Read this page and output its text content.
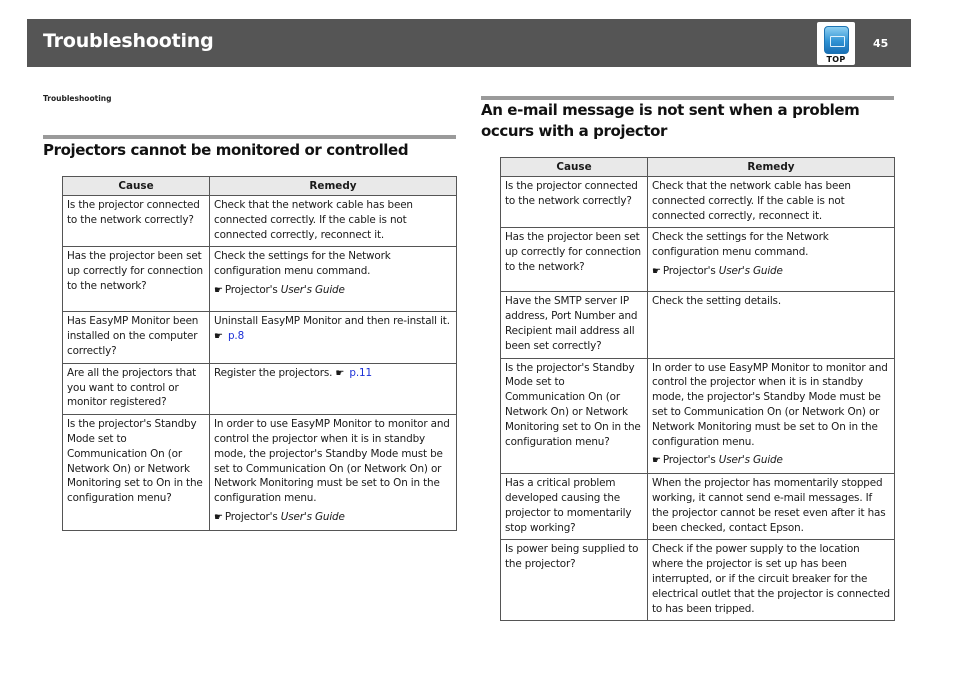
Troubleshooting
TOP
45
Troubleshooting
Projectors cannot be monitored or controlled
Cause	Remedy
Is the projector connected to the network correctly?	Check that the network cable has been connected correctly. If the cable is not connected correctly, reconnect it.

Has the projector been set up correctly for connection to the network?	Check the settings for the Network configuration menu command.

☛ Projector's User's Guide

Has EasyMP Monitor been installed on the computer correctly?	Uninstall EasyMP Monitor and then re-install it.

☛ p.8

Are all the projectors that you want to control or monitor registered?	Register the projectors. ☛ p.11

Is the projector's Standby Mode set to Communication On (or Network On) or Network Monitoring set to On in the configuration menu?	In order to use EasyMP Monitor to monitor and control the projector when it is in standby mode, the projector's Standby Mode must be set to Communication On (or Network On) or Network Monitoring must be set to On in the configuration menu.

☛ Projector's User's Guide

An e-mail message is not sent when a problem occurs with a projector
Cause	Remedy
Is the projector connected to the network correctly?	Check that the network cable has been connected correctly. If the cable is not connected correctly, reconnect it.

Has the projector been set up correctly for connection to the network?	Check the settings for the Network configuration menu command.

☛ Projector's User's Guide

Have the SMTP server IP address, Port Number and Recipient mail address all been set correctly?	Check the setting details.

Is the projector's Standby Mode set to Communication On (or Network On) or Network Monitoring set to On in the configuration menu?	In order to use EasyMP Monitor to monitor and control the projector when it is in standby mode, the projector's Standby Mode must be set to Communication On (or Network On) or Network Monitoring must be set to On in the configuration menu.

☛ Projector's User's Guide

Has a critical problem developed causing the projector to momentarily stop working?	When the projector has momentarily stopped working, it cannot send e-mail messages. If the projector cannot be reset even after it has been checked, contact Epson.

Is power being supplied to the projector?	Check if the power supply to the location where the projector is set up has been interrupted, or if the circuit breaker for the electrical outlet that the projector is connected to has been tripped.
